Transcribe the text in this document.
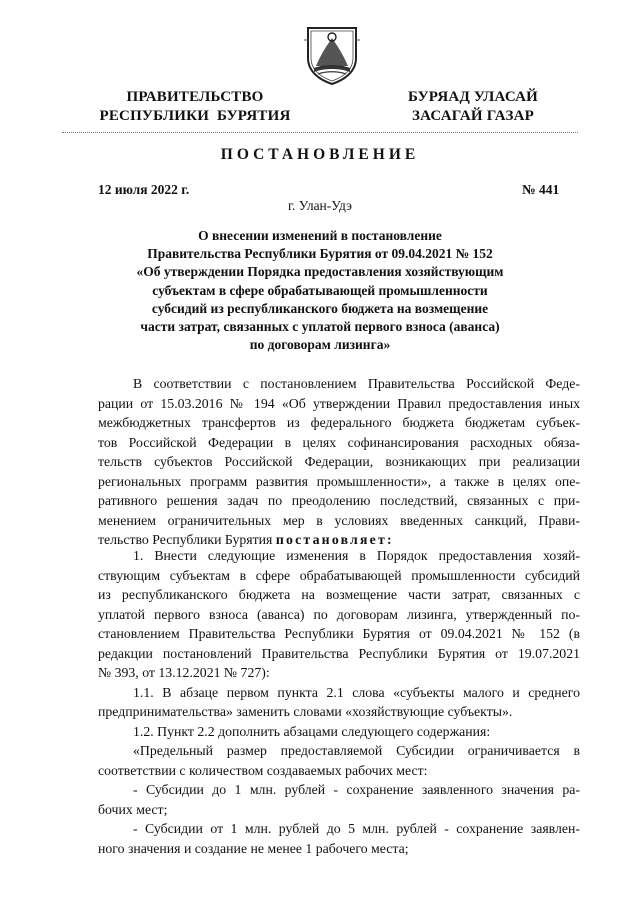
ПРАВИТЕЛЬСТВО
РЕСПУБЛИКИ  БУРЯТИЯ
БУРЯАД УЛАСАЙ
ЗАСАГАЙ ГАЗАР
ПОСТАНОВЛЕНИЕ
12 июля 2022 г.	№ 441
г. Улан-Удэ
О внесении изменений в постановление
Правительства Республики Бурятия от 09.04.2021 № 152
«Об утверждении Порядка предоставления хозяйствующим
субъектам в сфере обрабатывающей промышленности
субсидий из республиканского бюджета на возмещение
части затрат, связанных с уплатой первого взноса (аванса)
по договорам лизинга»
В соответствии с постановлением Правительства Российской Феде-
рации от 15.03.2016 № 194 «Об утверждении Правил предоставления иных
межбюджетных трансфертов из федерального бюджета бюджетам субъек-
тов Российской Федерации в целях софинансирования расходных обяза-
тельств субъектов Российской Федерации, возникающих при реализации
региональных программ развития промышленности», а также в целях опе-
ративного решения задач по преодолению последствий, связанных с при-
менением ограничительных мер в условиях введенных санкций, Прави-
тельство Республики Бурятия постановляет:
1. Внести следующие изменения в Порядок предоставления хозяй-
ствующим субъектам в сфере обрабатывающей промышленности субсидий
из республиканского бюджета на возмещение части затрат, связанных с
уплатой первого взноса (аванса) по договорам лизинга, утвержденный по-
становлением Правительства Республики Бурятия от 09.04.2021 № 152 (в
редакции постановлений Правительства Республики Бурятия от 19.07.2021
№ 393, от 13.12.2021 № 727):
1.1. В абзаце первом пункта 2.1 слова «субъекты малого и среднего
предпринимательства» заменить словами «хозяйствующие субъекты».
1.2. Пункт 2.2 дополнить абзацами следующего содержания:
«Предельный размер предоставляемой Субсидии ограничивается в
соответствии с количеством создаваемых рабочих мест:
- Субсидии до 1 млн. рублей - сохранение заявленного значения ра-
бочих мест;
- Субсидии от 1 млн. рублей до 5 млн. рублей - сохранение заявлен-
ного значения и создание не менее 1 рабочего места;
